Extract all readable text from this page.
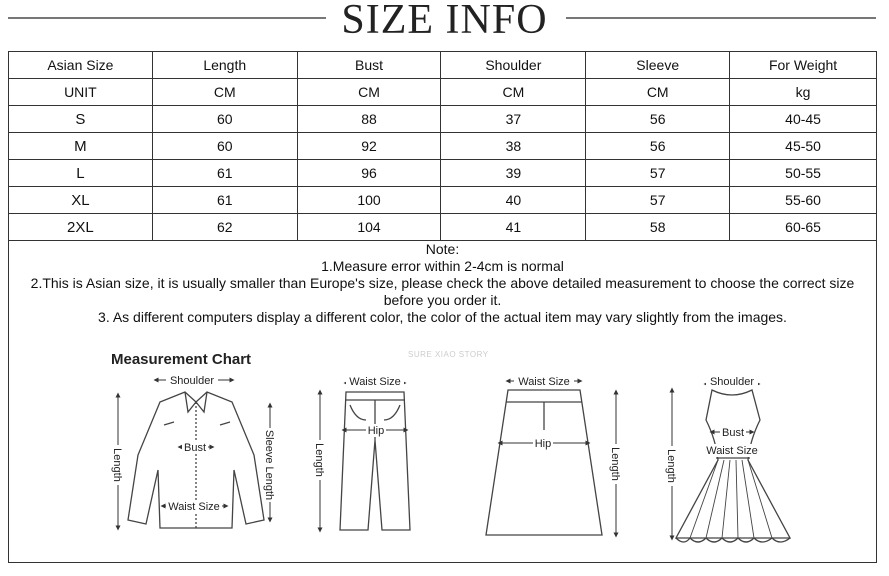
SIZE INFO
Asian Size	Length	Bust	Shoulder	Sleeve	For Weight
UNIT	CM	CM	CM	CM	kg
S	60	88	37	56	40-45
M	60	92	38	56	45-50
L	61	96	39	57	50-55
XL	61	100	40	57	55-60
2XL	62	104	41	58	60-65
Note:
1.Measure error within 2-4cm is normal
2.This is Asian size, it is usually smaller than Europe's size, please check the above detailed measurement to choose the correct size
before you order it.
3. As different computers display a different color, the color of the actual item may vary slightly from the images.
Measurement Chart	SURE XIAO STORY
Shoulder
Bust
Waist Size
Length	Sleeve Length
Waist Size
Hip
Length
Waist Size
Hip
Length
Shoulder
Bust
Waist Size
Length
